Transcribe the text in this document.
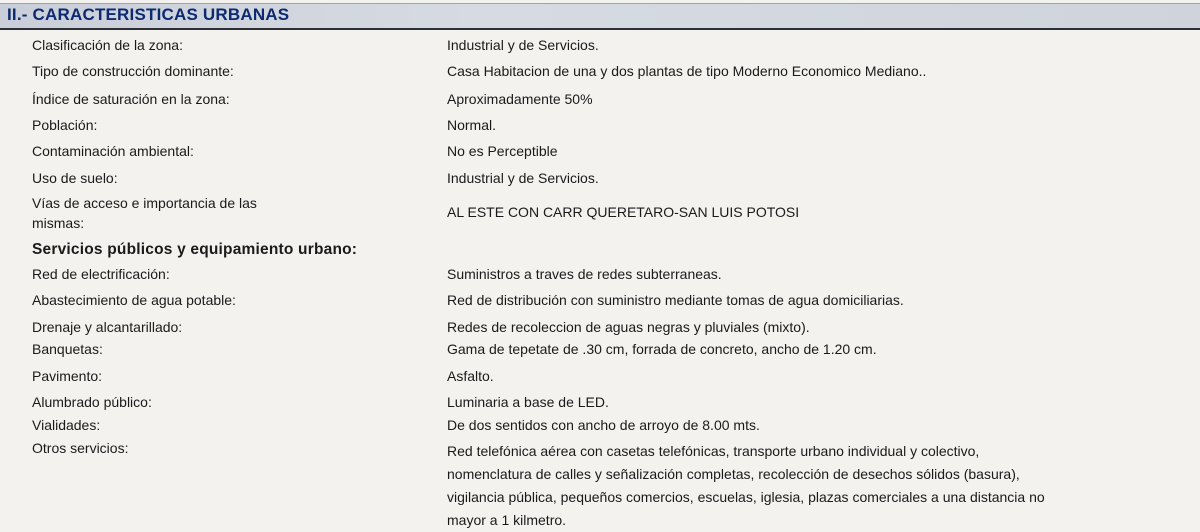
II.- CARACTERISTICAS URBANAS
Clasificación de la zona:	Industrial y de Servicios.
Tipo de construcción dominante:	Casa Habitacion de una y dos plantas de tipo Moderno Economico Mediano..
Índice de saturación en la zona:	Aproximadamente 50%
Población:	Normal.
Contaminación ambiental:	No es Perceptible
Uso de suelo:	Industrial y de Servicios.
Vías de acceso e importancia de las
mismas:
AL ESTE CON CARR QUERETARO-SAN LUIS POTOSI
Servicios públicos y equipamiento urbano:
Red de electrificación:	Suministros a traves de redes subterraneas.
Abastecimiento de agua potable:	Red de distribución con suministro mediante tomas de agua domiciliarias.
Drenaje y alcantarillado:	Redes de recoleccion de aguas negras y pluviales (mixto).
Banquetas:	Gama de tepetate de .30 cm, forrada de concreto, ancho de 1.20 cm.
Pavimento:	Asfalto.
Alumbrado público:	Luminaria a base de LED.
Vialidades:	De dos sentidos con ancho de arroyo de 8.00 mts.
Otros servicios:	Red telefónica aérea con casetas telefónicas, transporte urbano individual y colectivo,
nomenclatura de calles y señalización completas, recolección de desechos sólidos (basura),
vigilancia pública, pequeños comercios, escuelas, iglesia, plazas comerciales a una distancia no
mayor a 1 kilmetro.
